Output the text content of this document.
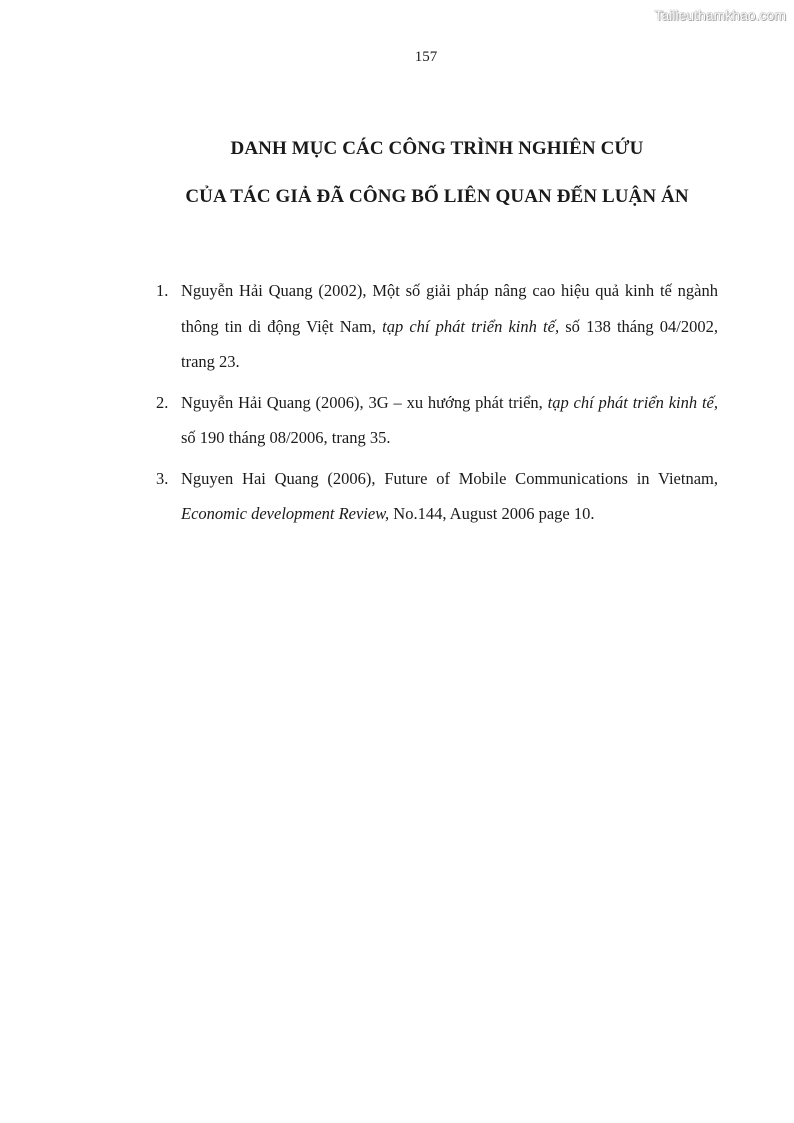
Tailieuthamkhao.com
157
DANH MỤC CÁC CÔNG TRÌNH NGHIÊN CỨU
CỦA TÁC GIẢ ĐÃ CÔNG BỐ LIÊN QUAN ĐẾN LUẬN ÁN
1. Nguyễn Hải Quang (2002), Một số giải pháp nâng cao hiệu quả kinh tế ngành thông tin di động Việt Nam, tạp chí phát triển kinh tế, số 138 tháng 04/2002, trang 23.
2. Nguyễn Hải Quang (2006), 3G – xu hướng phát triển, tạp chí phát triển kinh tế, số 190 tháng 08/2006, trang 35.
3. Nguyen Hai Quang (2006), Future of Mobile Communications in Vietnam, Economic development Review, No.144, August 2006 page 10.
